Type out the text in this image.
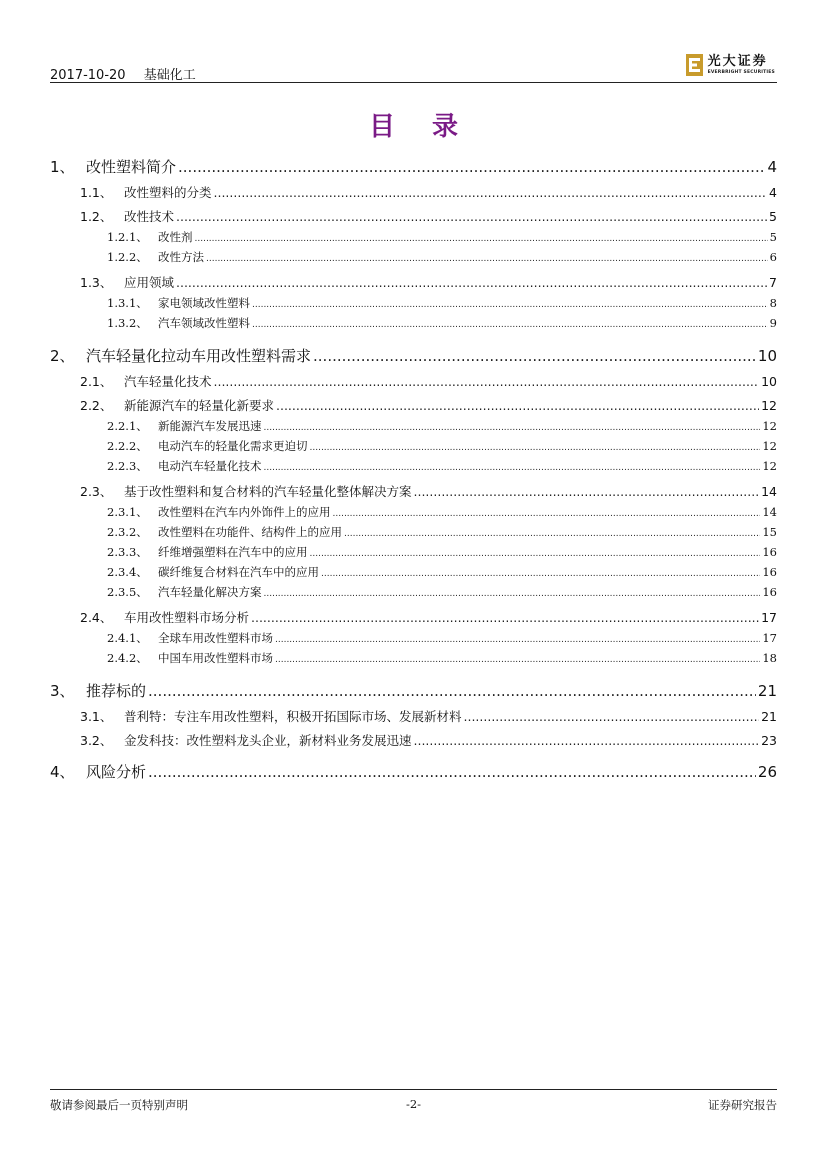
2017-10-20 基础化工
光大证券
EVERBRIGHT SECURITIES
目 录
1、 改性塑料简介 .....	4
1.1、 改性塑料的分类 .....	4
1.2、 改性技术 .....	5
1.2.1、 改性剂 .....	5
1.2.2、 改性方法 .....	6
1.3、 应用领域 .....	7
1.3.1、 家电领域改性塑料 .....	8
1.3.2、 汽车领域改性塑料 .....	9
2、 汽车轻量化拉动车用改性塑料需求 .....	10
2.1、 汽车轻量化技术 .....	10
2.2、 新能源汽车的轻量化新要求 .....	12
2.2.1、 新能源汽车发展迅速 .....	12
2.2.2、 电动汽车的轻量化需求更迫切 .....	12
2.2.3、 电动汽车轻量化技术 .....	12
2.3、 基于改性塑料和复合材料的汽车轻量化整体解决方案 .....	14
2.3.1、 改性塑料在汽车内外饰件上的应用 .....	14
2.3.2、 改性塑料在功能件、结构件上的应用 .....	15
2.3.3、 纤维增强塑料在汽车中的应用 .....	16
2.3.4、 碳纤维复合材料在汽车中的应用 .....	16
2.3.5、 汽车轻量化解决方案 .....	16
2.4、 车用改性塑料市场分析 .....	17
2.4.1、 全球车用改性塑料市场 .....	17
2.4.2、 中国车用改性塑料市场 .....	18
3、 推荐标的 .....	21
3.1、 普利特：专注车用改性塑料，积极开拓国际市场、发展新材料 .....	21
3.2、 金发科技：改性塑料龙头企业，新材料业务发展迅速 .....	23
4、 风险分析 .....	26
敬请参阅最后一页特别声明	-2-	证券研究报告
